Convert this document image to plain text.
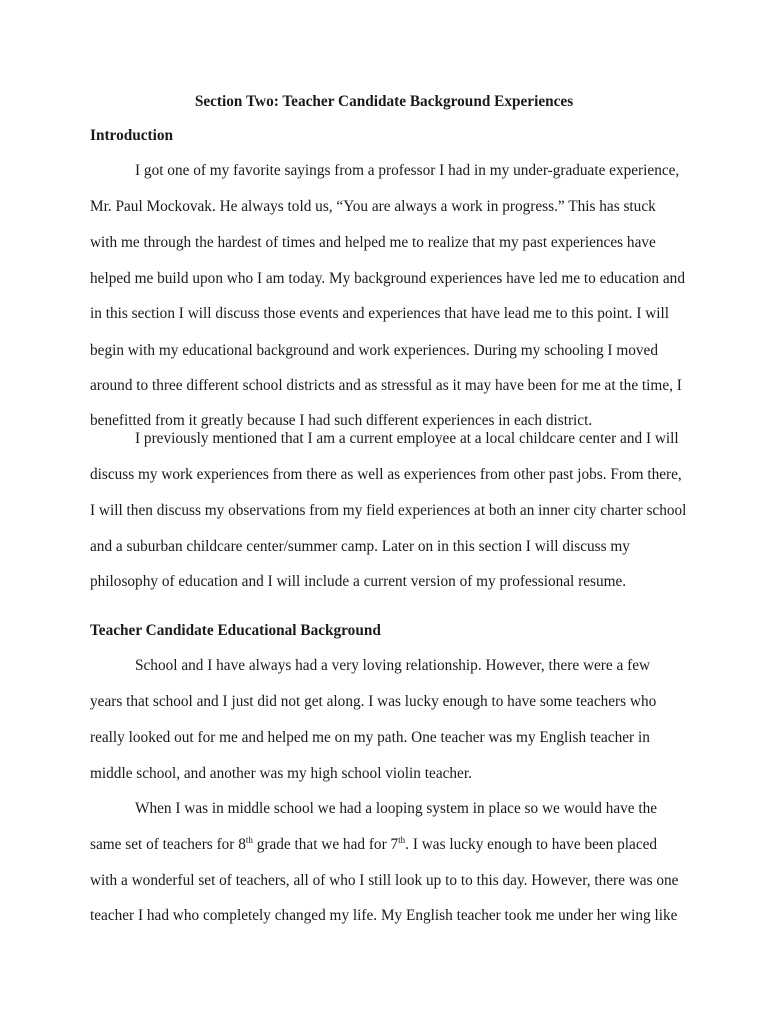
Section Two: Teacher Candidate Background Experiences
Introduction
I got one of my favorite sayings from a professor I had in my under-graduate experience,
Mr. Paul Mockovak. He always told us, “You are always a work in progress.” This has stuck
with me through the hardest of times and helped me to realize that my past experiences have
helped me build upon who I am today. My background experiences have led me to education and
in this section I will discuss those events and experiences that have lead me to this point. I will
begin with my educational background and work experiences. During my schooling I moved
around to three different school districts and as stressful as it may have been for me at the time, I
benefitted from it greatly because I had such different experiences in each district.
I previously mentioned that I am a current employee at a local childcare center and I will
discuss my work experiences from there as well as experiences from other past jobs. From there,
I will then discuss my observations from my field experiences at both an inner city charter school
and a suburban childcare center/summer camp. Later on in this section I will discuss my
philosophy of education and I will include a current version of my professional resume.
Teacher Candidate Educational Background
School and I have always had a very loving relationship. However, there were a few
years that school and I just did not get along. I was lucky enough to have some teachers who
really looked out for me and helped me on my path. One teacher was my English teacher in
middle school, and another was my high school violin teacher.
When I was in middle school we had a looping system in place so we would have the
same set of teachers for 8th grade that we had for 7th. I was lucky enough to have been placed
with a wonderful set of teachers, all of who I still look up to to this day. However, there was one
teacher I had who completely changed my life. My English teacher took me under her wing like
